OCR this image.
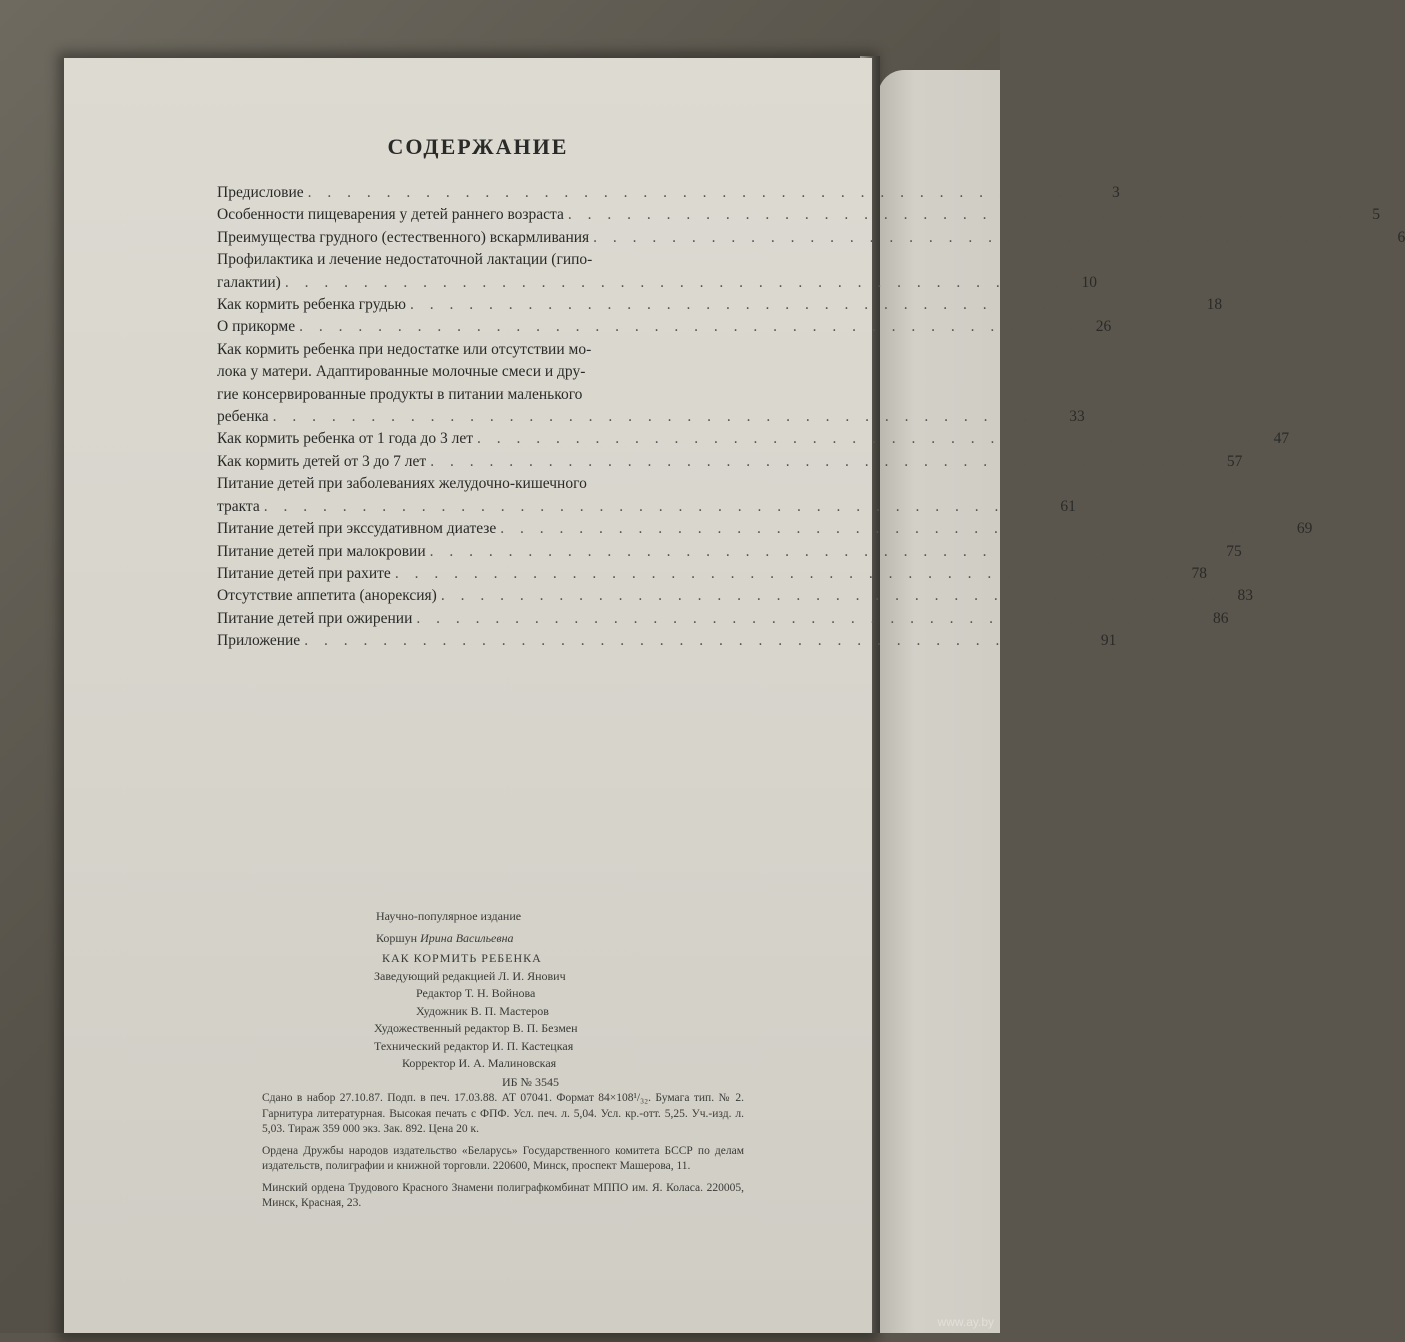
СОДЕРЖАНИЕ
Предисловие . . .	3
Особенности пищеварения у детей раннего возраста . . .	5
Преимущества грудного (естественного) вскармливания . . .	6
Профилактика и лечение недостаточной лактации (гипо-
галактии) . . .	10
Как кормить ребенка грудью . . .	18
О прикорме . . .	26
Как кормить ребенка при недостатке или отсутствии мо-
лока у матери. Адаптированные молочные смеси и дру-
гие консервированные продукты в питании маленького
ребенка . . .	33
Как кормить ребенка от 1 года до 3 лет . . .	47
Как кормить детей от 3 до 7 лет . . .	57
Питание детей при заболеваниях желудочно-кишечного
тракта . . .	61
Питание детей при экссудативном диатезе . . .	69
Питание детей при малокровии . . .	75
Питание детей при рахите . . .	78
Отсутствие аппетита (анорексия) . . .	83
Питание детей при ожирении . . .	86
Приложение . . .	91
Научно-популярное издание
Коршун Ирина Васильевна
КАК КОРМИТЬ РЕБЕНКА
Заведующий редакцией Л. И. Янович
Редактор Т. Н. Войнова
Художник В. П. Мастеров
Художественный редактор В. П. Безмен
Технический редактор И. П. Кастецкая
Корректор И. А. Малиновская
ИБ № 3545
Сдано в набор 27.10.87. Подп. в печ. 17.03.88. АТ 07041. Формат 84×108¹/₃₂. Бумага тип. № 2. Гарнитура литературная. Высокая печать с ФПФ. Усл. печ. л. 5,04. Усл. кр.-отт. 5,25. Уч.-изд. л. 5,03. Тираж 359 000 экз. Зак. 892. Цена 20 к.
Ордена Дружбы народов издательство «Беларусь» Государственного комитета БССР по делам издательств, полиграфии и книжной торговли. 220600, Минск, проспект Машерова, 11.
Минский ордена Трудового Красного Знамени полиграфкомбинат МППО им. Я. Коласа. 220005, Минск, Красная, 23.
www.ay.by
